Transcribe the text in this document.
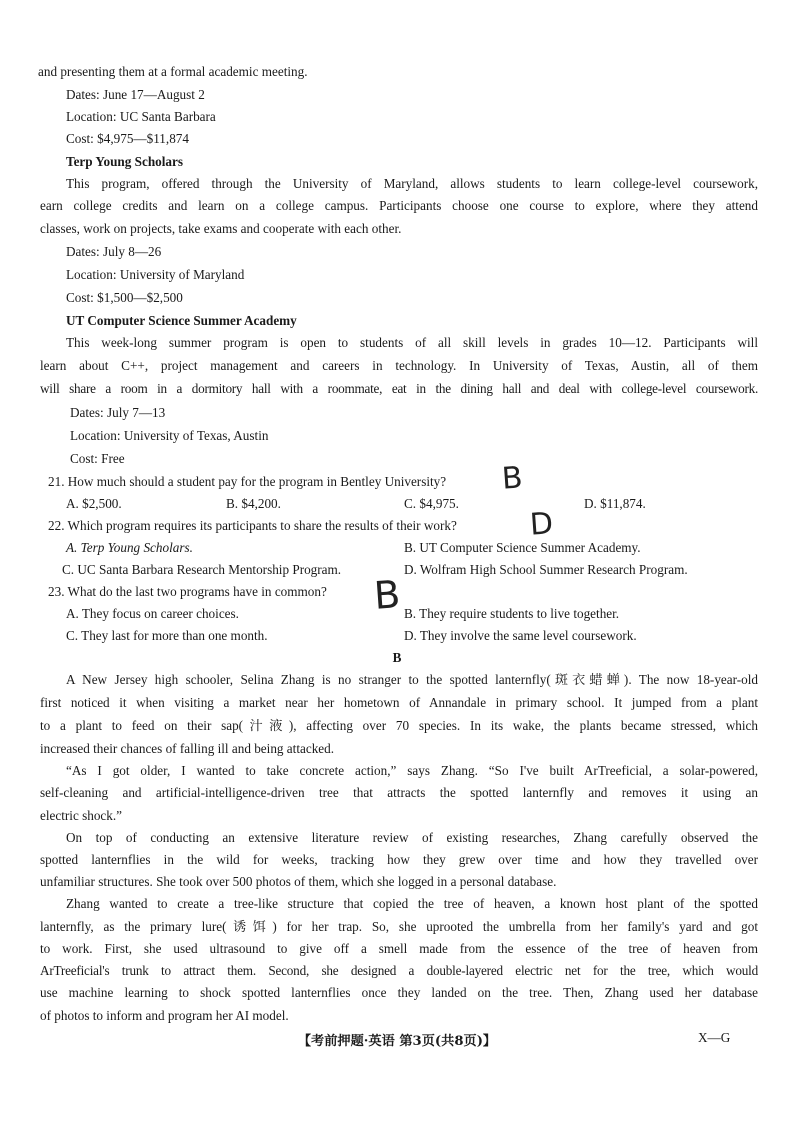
and presenting them at a formal academic meeting.
Dates: June 17—August 2
Location: UC Santa Barbara
Cost: $4,975—$11,874
Terp Young Scholars
This program, offered through the University of Maryland, allows students to learn college-level coursework,
earn college credits and learn on a college campus. Participants choose one course to explore, where they attend
classes, work on projects, take exams and cooperate with each other.
Dates: July 8—26
Location: University of Maryland
Cost: $1,500—$2,500
UT Computer Science Summer Academy
This week-long summer program is open to students of all skill levels in grades 10—12. Participants will
learn about C++, project management and careers in technology. In University of Texas, Austin, all of them
will share a room in a dormitory hall with a roommate, eat in the dining hall and deal with college-level coursework.
Dates: July 7—13
Location: University of Texas, Austin
Cost: Free
21. How much should a student pay for the program in Bentley University? B
A. $2,500.	B. $4,200.	C. $4,975.	D. $11,874.
22. Which program requires its participants to share the results of their work? D
A. Terp Young Scholars.	B. UT Computer Science Summer Academy.
C. UC Santa Barbara Research Mentorship Program.	D. Wolfram High School Summer Research Program.
23. What do the last two programs have in common? B
A. They focus on career choices.	B. They require students to live together.
C. They last for more than one month.	D. They involve the same level coursework.
B
A New Jersey high schooler, Selina Zhang is no stranger to the spotted lanternfly(斑衣蜡蝉). The now 18-year-old
first noticed it when visiting a market near her hometown of Annandale in primary school. It jumped from a plant
to a plant to feed on their sap(汁液), affecting over 70 species. In its wake, the plants became stressed, which
increased their chances of falling ill and being attacked.
“As I got older, I wanted to take concrete action,” says Zhang. “So I've built ArTreeficial, a solar-powered,
self-cleaning and artificial-intelligence-driven tree that attracts the spotted lanternfly and removes it using an
electric shock.”
On top of conducting an extensive literature review of existing researches, Zhang carefully observed the
spotted lanternflies in the wild for weeks, tracking how they grew over time and how they travelled over
unfamiliar structures. She took over 500 photos of them, which she logged in a personal database.
Zhang wanted to create a tree-like structure that copied the tree of heaven, a known host plant of the spotted
lanternfly, as the primary lure(诱饵) for her trap. So, she uprooted the umbrella from her family's yard and got
to work. First, she used ultrasound to give off a smell made from the essence of the tree of heaven from
ArTreeficial's trunk to attract them. Second, she designed a double-layered electric net for the tree, which would
use machine learning to shock spotted lanternflies once they landed on the tree. Then, Zhang used her database
of photos to inform and program her AI model.
【考前押题·英语 第3页(共8页)】	X—G
